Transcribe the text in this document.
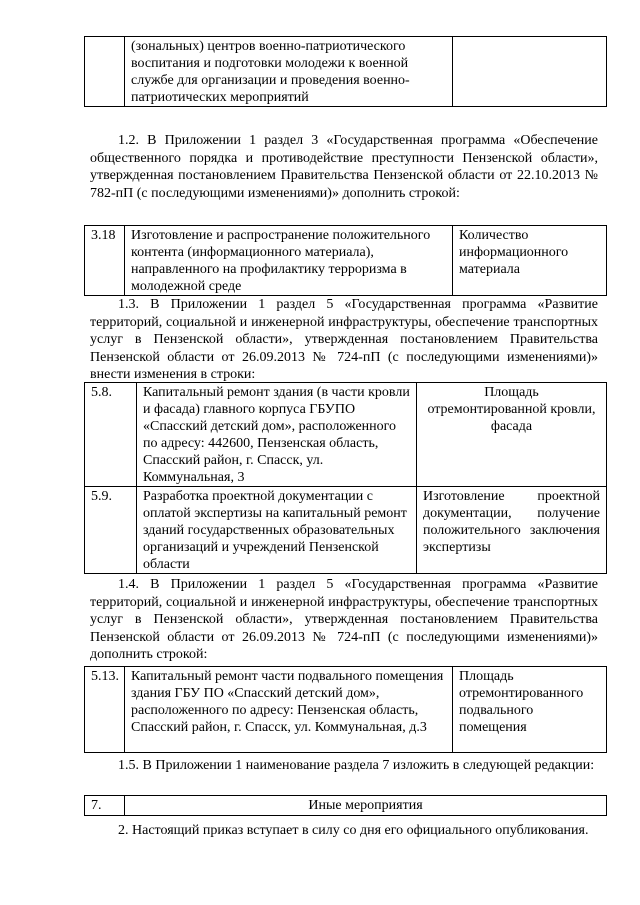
	(зональных) центров военно-патриотического воспитания и подготовки молодежи к военной службе для организации и проведения военно-патриотических мероприятий	
1.2. В Приложении 1 раздел 3 «Государственная программа «Обеспечение общественного порядка и противодействие преступности Пензенской области», утвержденная постановлением Правительства Пензенской области от 22.10.2013 № 782-пП (с последующими изменениями)» дополнить строкой:
3.18	Изготовление и распространение положительного контента (информационного материала), направленного на профилактику терроризма в молодежной среде	Количество информационного материала
1.3. В Приложении 1 раздел 5 «Государственная программа «Развитие территорий, социальной и инженерной инфраструктуры, обеспечение транспортных услуг в Пензенской области», утвержденная постановлением Правительства Пензенской области от 26.09.2013 № 724-пП (с последующими изменениями)» внести изменения в строки:
5.8.	Капитальный ремонт здания (в части кровли и фасада) главного корпуса ГБУПО «Спасский детский дом», расположенного по адресу: 442600, Пензенская область, Спасский район, г. Спасск, ул. Коммунальная, 3	Площадь отремонтированной кровли, фасада
5.9.	Разработка проектной документации с оплатой экспертизы на капитальный ремонт зданий государственных образовательных организаций и учреждений Пензенской области	Изготовление проектной документации, получение положительного заключения экспертизы
1.4. В Приложении 1 раздел 5 «Государственная программа «Развитие территорий, социальной и инженерной инфраструктуры, обеспечение транспортных услуг в Пензенской области», утвержденная постановлением Правительства Пензенской области от 26.09.2013 № 724-пП (с последующими изменениями)» дополнить строкой:
5.13.	Капитальный ремонт части подвального помещения здания ГБУ ПО «Спасский детский дом», расположенного по адресу: Пензенская область, Спасский район, г. Спасск, ул. Коммунальная, д.3	Площадь отремонтированного подвального помещения
1.5. В Приложении 1 наименование раздела 7 изложить в следующей редакции:
7.	Иные мероприятия
2. Настоящий приказ вступает в силу со дня его официального опубликования.
